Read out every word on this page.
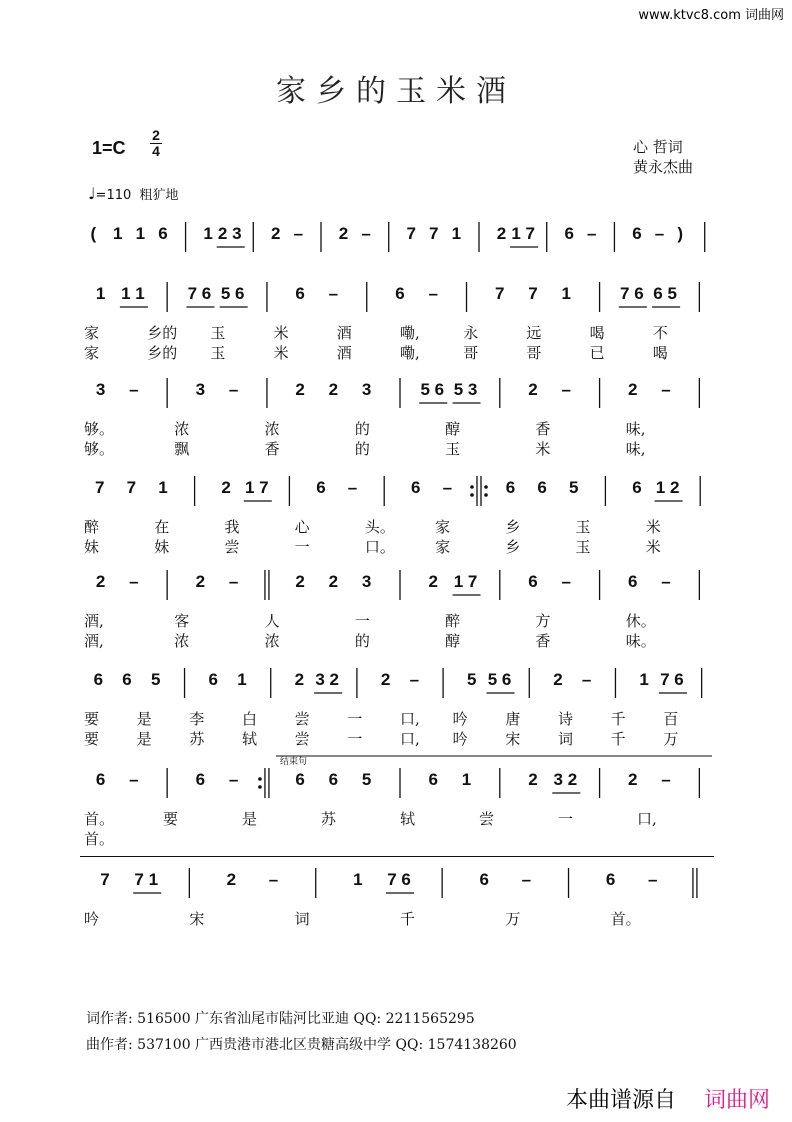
www.ktvc8.com 词曲网
家乡的玉米酒
1=C
2
4	心 哲词
黄永杰曲
♩=110 粗犷地
( 1 1 6 1 2 3 2 – 2 – 7 7 1 2 1 7 6 – 6 – )
1 1 1	7 6 5 6	6 –	6 –	7 7 1	7 6 6 5
家	乡的 玉	米	酒	嘞,	永	远	喝	不
家	乡的 玉	米	酒	嘞,	哥	哥	已	喝
3 –	3 –	2 2 3	5 6 5 3	2 –	2 –
够。	浓	浓	的	醇	香	味,
够。	飘	香	的	玉	米	味,
7 7 1	2 1 7	6 –	6 –	6 6 5	6 1 2
醉	在	我	心	头。	家	乡	玉	米
妹	妹	尝	一	口。	家	乡	玉	米
2 –	2 –	2 2 3	2 1 7	6 –	6 –
酒,	客	人	一	醉	方	休。
酒,	浓	浓	的	醇	香	味。
6 6 5	6 1	2 3 2 2 –	5 5 6 2 –	1 7 6
要	是	李	白	尝	一	口, 吟	唐	诗	千	百
要	是	苏	轼	尝	一	口, 吟	宋	词	千	万
6 –	6 –	6 6 5	6 1	2 3 2	2 –
结束句
首。	要	是	苏	轼	尝	一	口,
首。
7 7 1	2 –	1 7 6	6 –	6 –
吟	宋	词	千	万	首。
词作者: 516500 广东省汕尾市陆河比亚迪 QQ: 2211565295
曲作者: 537100 广西贵港市港北区贵糖高级中学 QQ: 1574138260
本曲谱源自 词曲网
